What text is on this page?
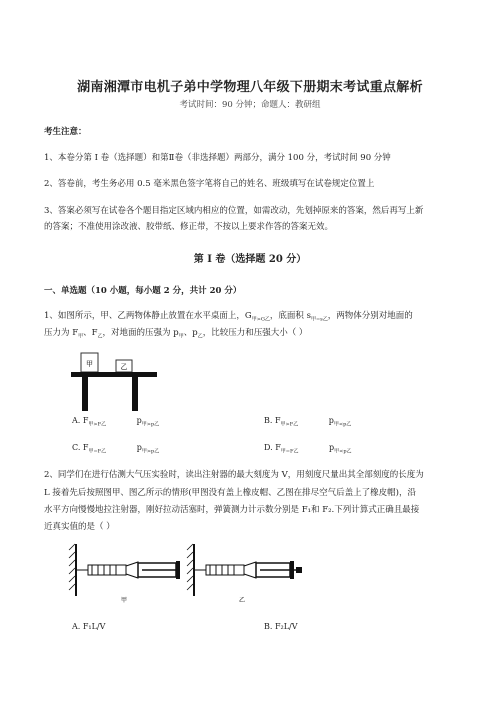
湖南湘潭市电机子弟中学物理八年级下册期末考试重点解析
考试时间：90 分钟；命题人：教研组
考生注意：
1、本卷分第 I 卷（选择题）和第Ⅱ卷（非选择题）两部分，满分 100 分，考试时间 90 分钟
2、答卷前，考生务必用 0.5 毫米黑色签字笔将自己的姓名、班级填写在试卷规定位置上
3、答案必须写在试卷各个题目指定区域内相应的位置，如需改动，先划掉原来的答案，然后再写上新
的答案；不准使用涂改液、胶带纸、修正带，不按以上要求作答的答案无效。
第 I 卷（选择题 20 分）
一、单选题（10 小题，每小题 2 分，共计 20 分）
1、如图所示，甲、乙两物体静止放置在水平桌面上，$G_{甲>G乙}$，底面积 $s_{甲=s乙}$，两物体分别对地面的
压力为 $F_甲$、$F_乙$，对地面的压强为 $p_甲$、$p_乙$，比较压力和压强大小（ ）
甲	乙
A. $F_{甲>F乙}$	$p_{甲>p乙}$	B. $F_{甲>F乙}$	$p_{甲<p乙}$
C. $F_{甲=F乙}$	$p_{甲>p乙}$	D. $F_{甲=F乙}$	$p_{甲<p乙}$
2、同学们在进行估测大气压实验时，读出注射器的最大刻度为 V，用刻度尺量出其全部刻度的长度为
L 接着先后按照图甲、图乙所示的情形(甲图没有盖上橡皮帽、乙图在排尽空气后盖上了橡皮帽)，沿
水平方向慢慢地拉注射器，刚好拉动活塞时，弹簧测力计示数分别是 F₁和 F₂.下列计算式正确且最接
近真实值的是（ ）
甲	乙
A. F₁L/V	B. F₂L/V
